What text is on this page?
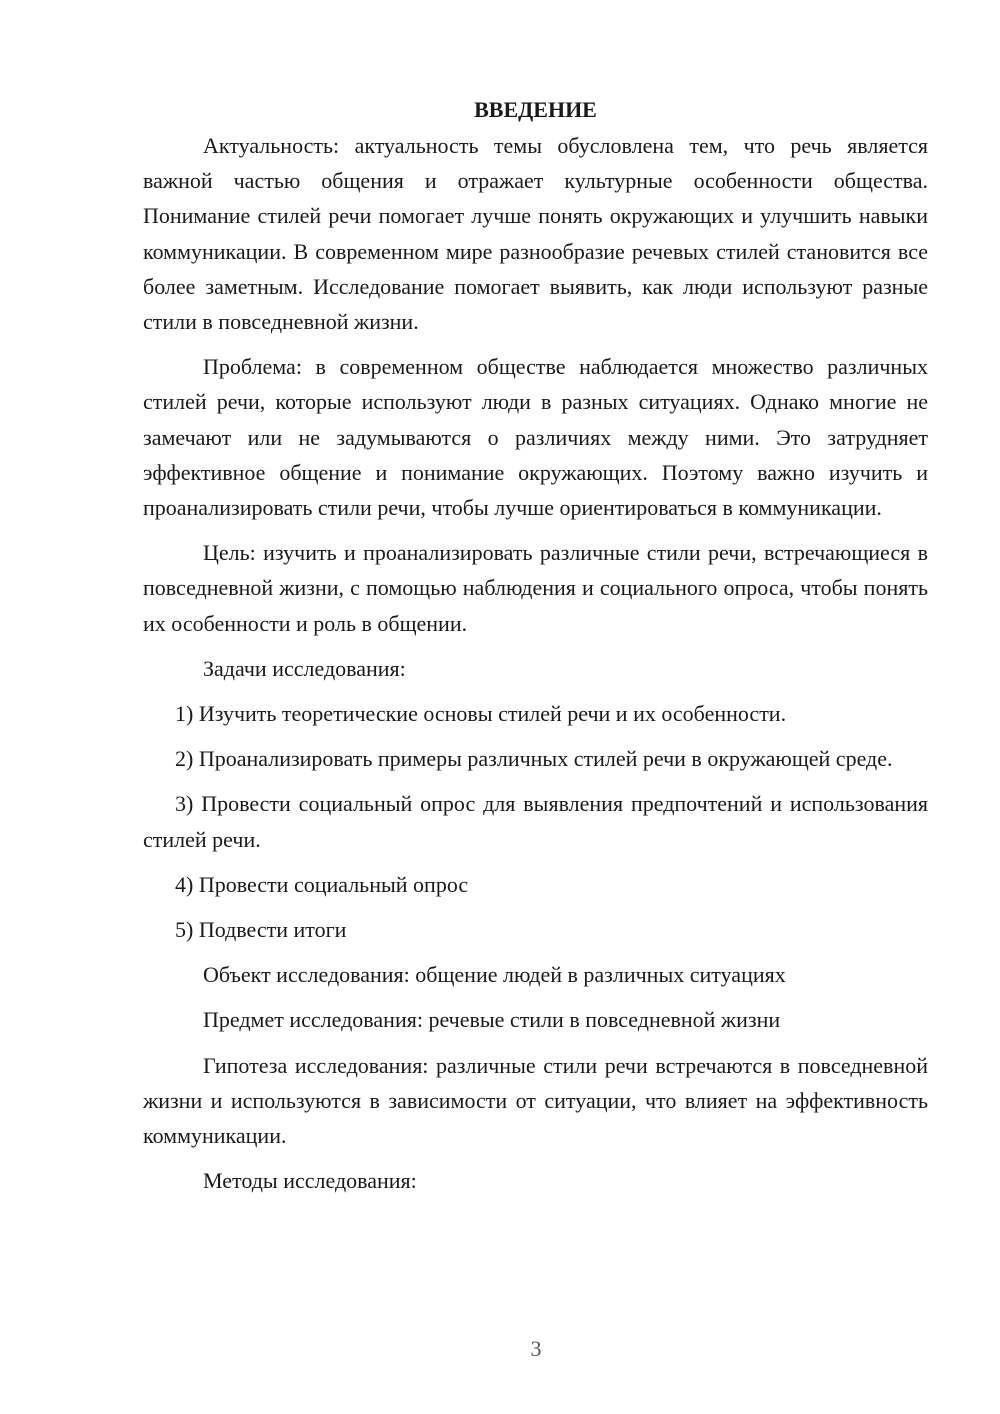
ВВЕДЕНИЕ

Актуальность: актуальность темы обусловлена тем, что речь является важной частью общения и отражает культурные особенности общества. Понимание стилей речи помогает лучше понять окружающих и улучшить навыки коммуникации. В современном мире разнообразие речевых стилей становится все более заметным. Исследование помогает выявить, как люди используют разные стили в повседневной жизни.

Проблема: в современном обществе наблюдается множество различных стилей речи, которые используют люди в разных ситуациях. Однако многие не замечают или не задумываются о различиях между ними. Это затрудняет эффективное общение и понимание окружающих. Поэтому важно изучить и проанализировать стили речи, чтобы лучше ориентироваться в коммуникации.

Цель: изучить и проанализировать различные стили речи, встречающиеся в повседневной жизни, с помощью наблюдения и социального опроса, чтобы понять их особенности и роль в общении.

Задачи исследования:

1) Изучить теоретические основы стилей речи и их особенности.

2) Проанализировать примеры различных стилей речи в окружающей среде.

3) Провести социальный опрос для выявления предпочтений и использования стилей речи.

4) Провести социальный опрос

5) Подвести итоги

Объект исследования: общение людей в различных ситуациях

Предмет исследования: речевые стили в повседневной жизни

Гипотеза исследования: различные стили речи встречаются в повседневной жизни и используются в зависимости от ситуации, что влияет на эффективность коммуникации.

Методы исследования:

3
